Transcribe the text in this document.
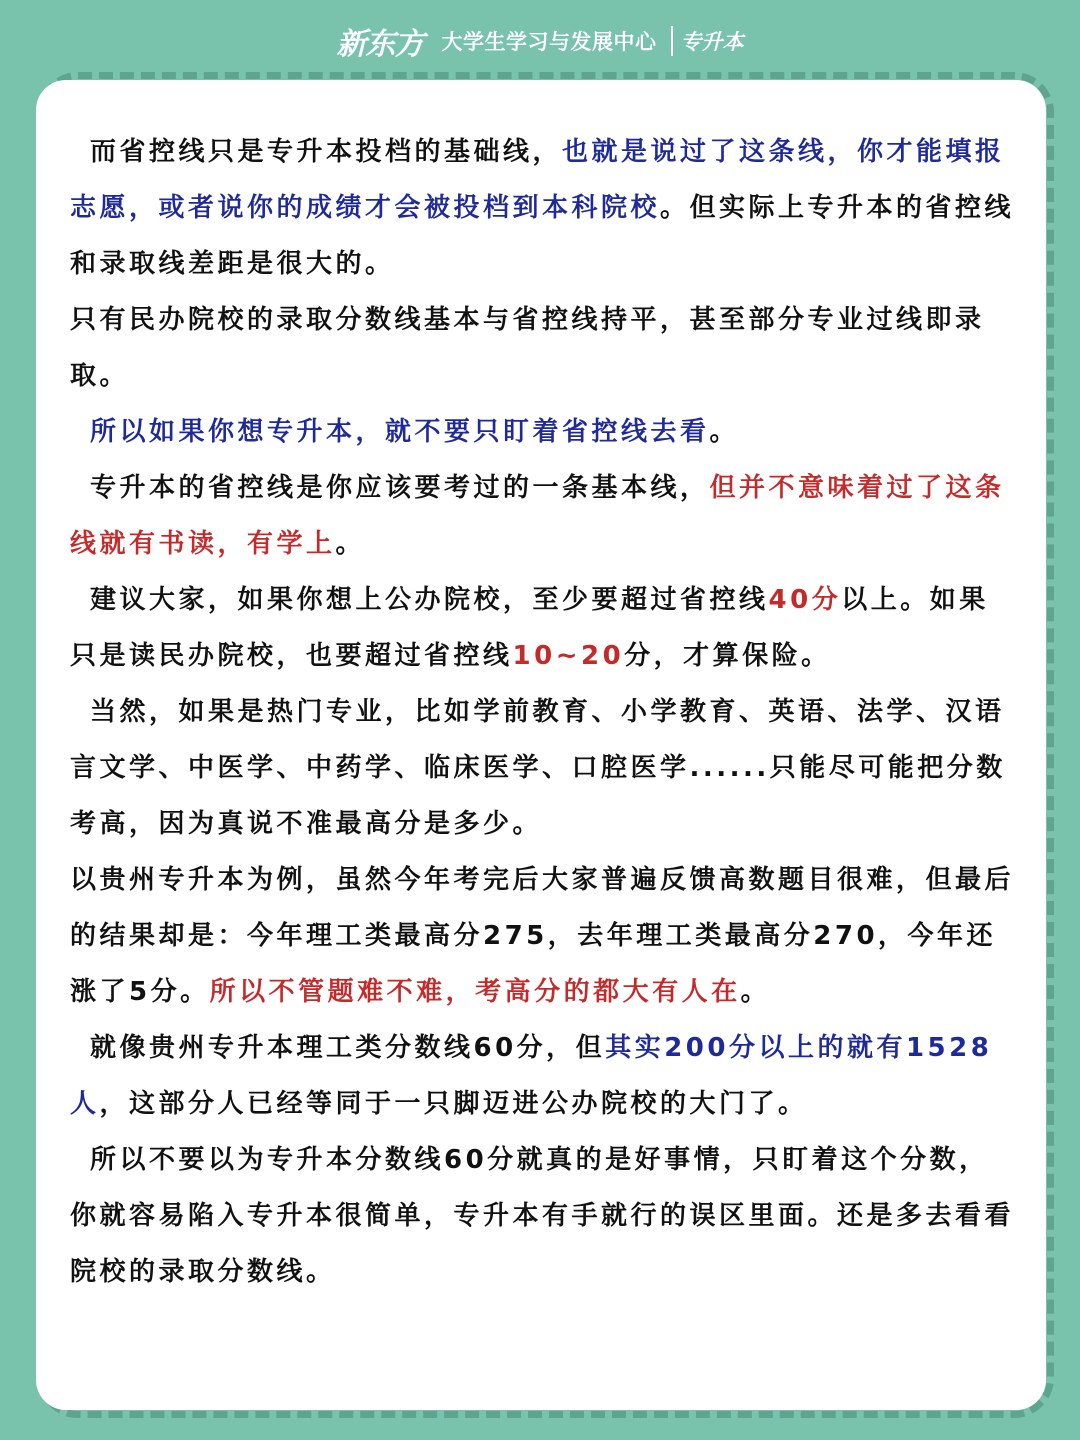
新东方 大学生学习与发展中心 专升本

而省控线只是专升本投档的基础线，也就是说过了这条线，你才能填报志愿，或者说你的成绩才会被投档到本科院校。但实际上专升本的省控线和录取线差距是很大的。

只有民办院校的录取分数线基本与省控线持平，甚至部分专业过线即录取。

所以如果你想专升本，就不要只盯着省控线去看。

专升本的省控线是你应该要考过的一条基本线，但并不意味着过了这条线就有书读，有学上。

建议大家，如果你想上公办院校，至少要超过省控线40分以上。如果只是读民办院校，也要超过省控线10~20分，才算保险。

当然，如果是热门专业，比如学前教育、小学教育、英语、法学、汉语言文学、中医学、中药学、临床医学、口腔医学......只能尽可能把分数考高，因为真说不准最高分是多少。

以贵州专升本为例，虽然今年考完后大家普遍反馈高数题目很难，但最后的结果却是：今年理工类最高分275，去年理工类最高分270，今年还涨了5分。所以不管题难不难，考高分的都大有人在。

就像贵州专升本理工类分数线60分，但其实200分以上的就有1528人，这部分人已经等同于一只脚迈进公办院校的大门了。

所以不要以为专升本分数线60分就真的是好事情，只盯着这个分数，你就容易陷入专升本很简单，专升本有手就行的误区里面。还是多去看看院校的录取分数线。
